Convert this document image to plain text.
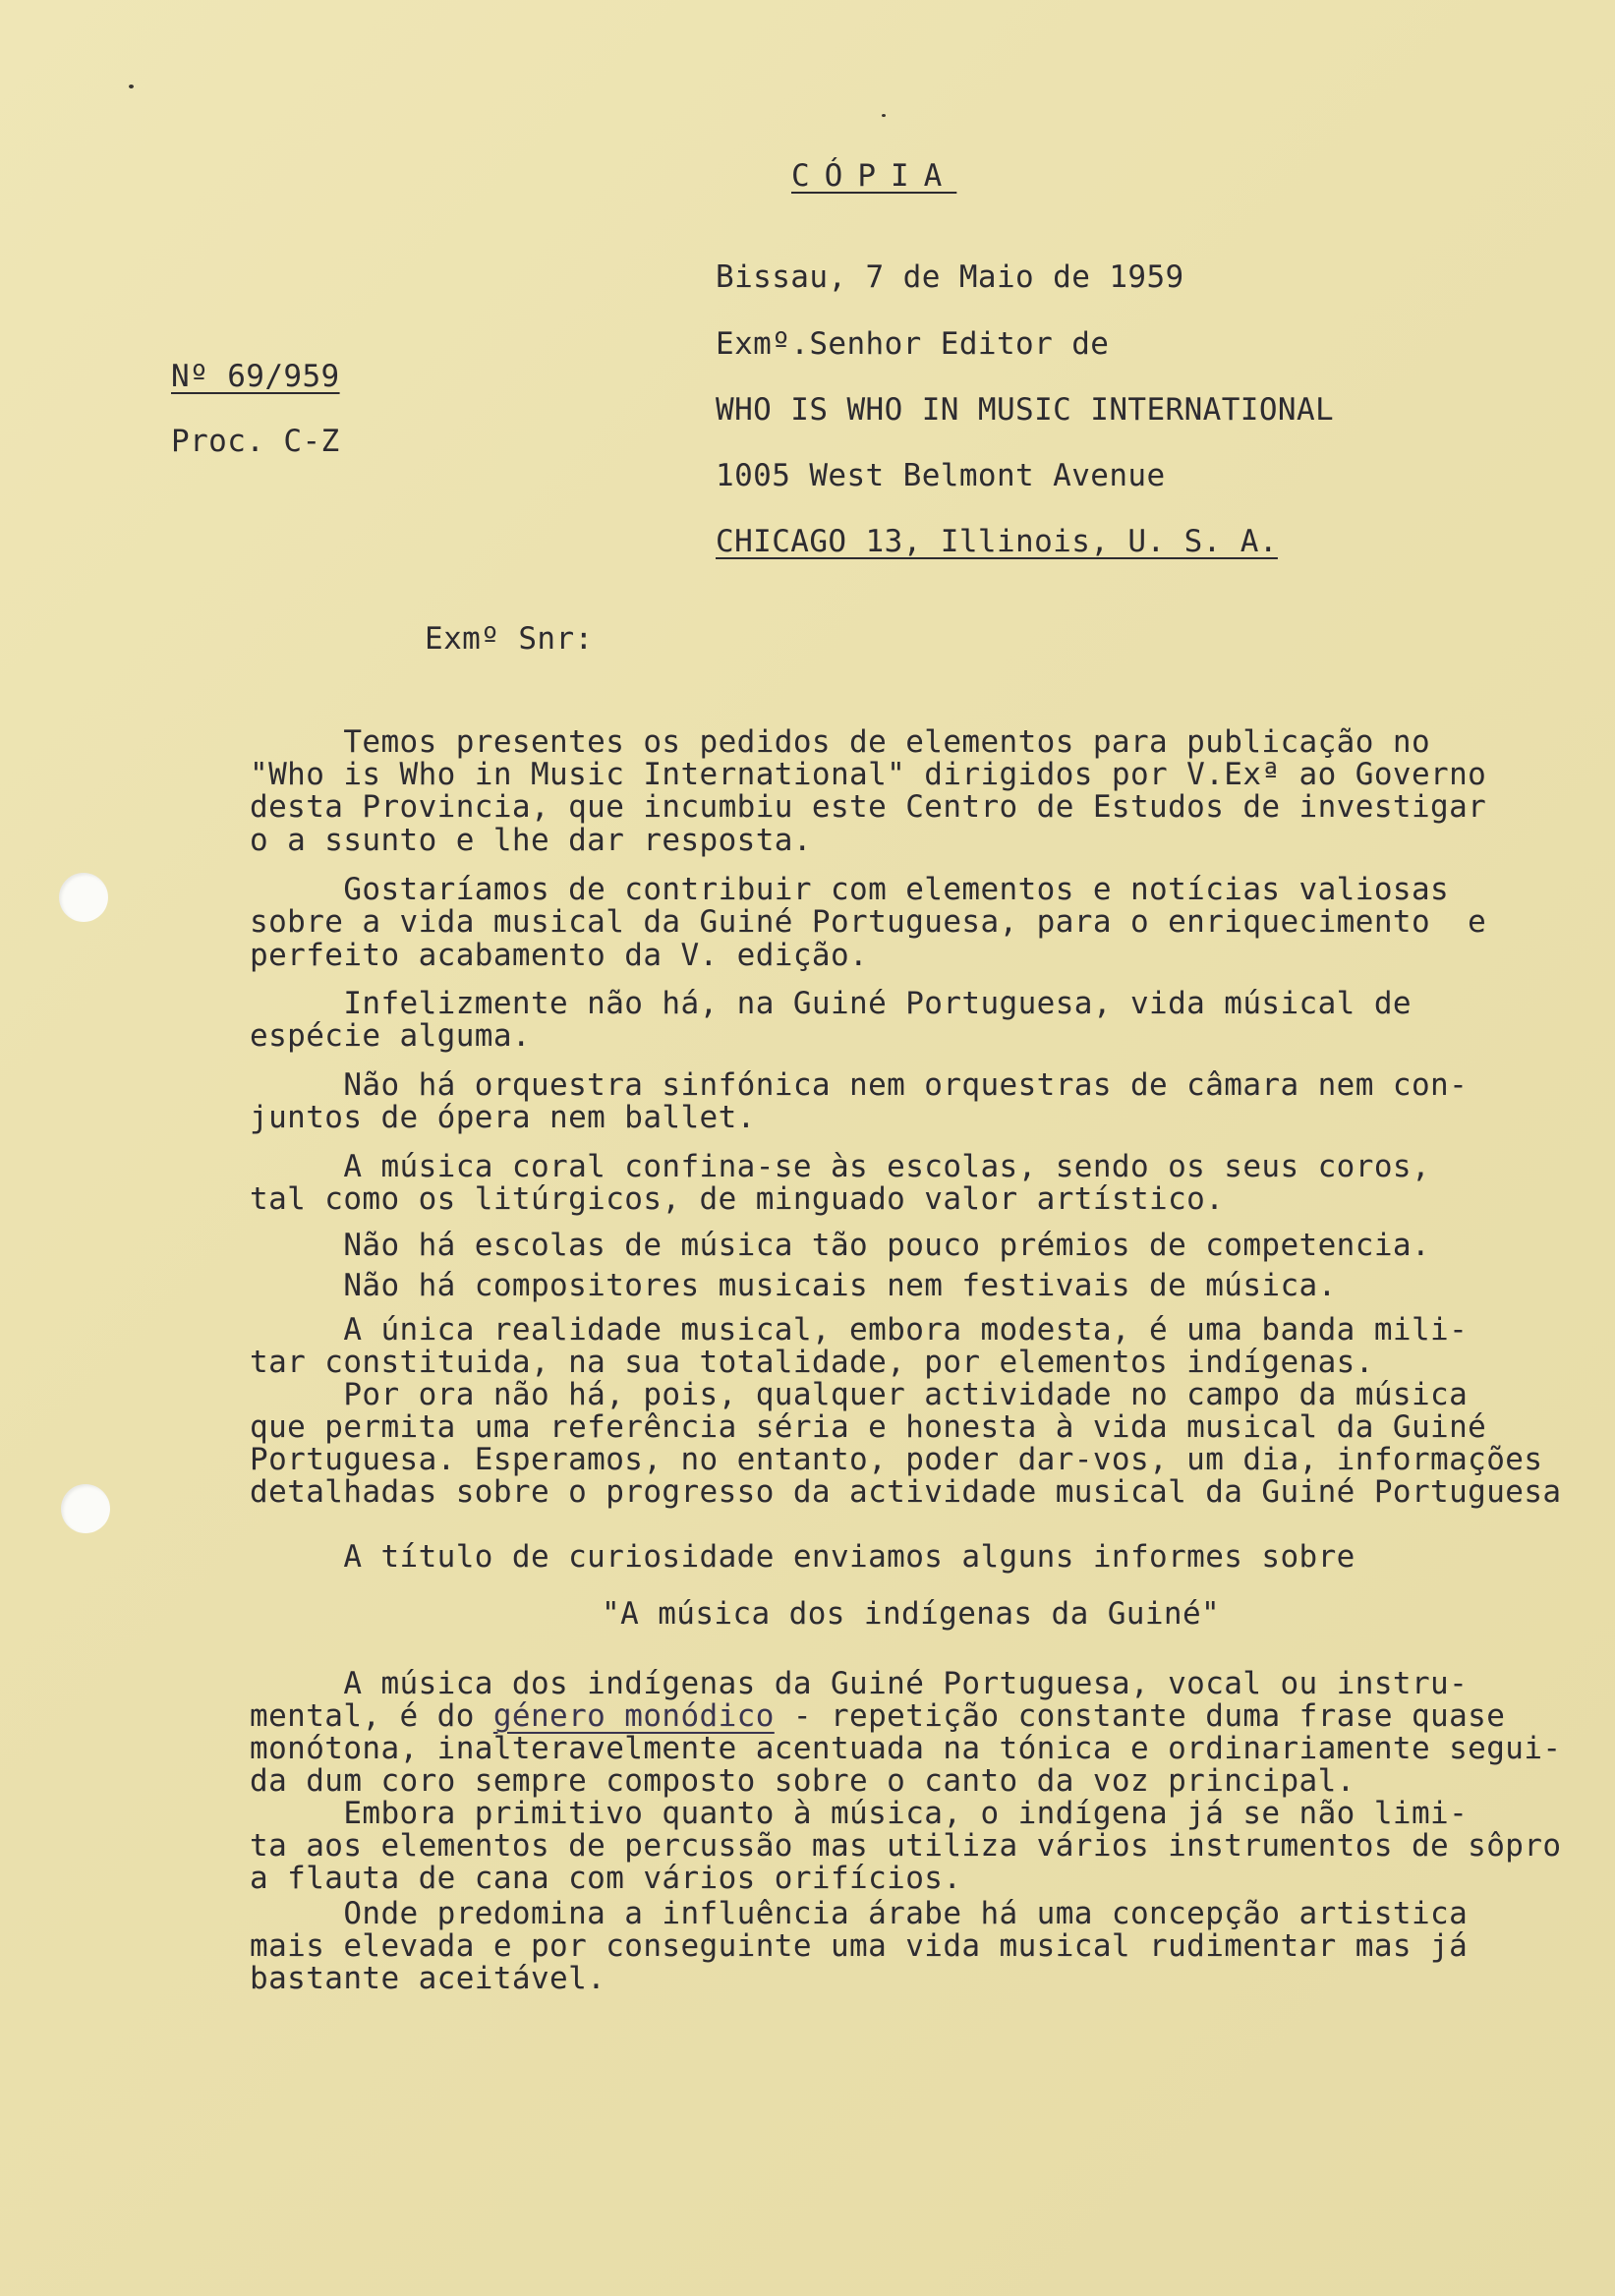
CÓPIA
Nº 69/959
Proc. C-Z
Bissau, 7 de Maio de 1959
Exmº.Senhor Editor de
WHO IS WHO IN MUSIC INTERNATIONAL
1005 West Belmont Avenue
CHICAGO 13, Illinois, U. S. A.
Exmº Snr:
Temos presentes os pedidos de elementos para publicação no
"Who is Who in Music International" dirigidos por V.Exª ao Governo
desta Provincia, que incumbiu este Centro de Estudos de investigar
o a ssunto e lhe dar resposta.
Gostaríamos de contribuir com elementos e notícias valiosas
sobre a vida musical da Guiné Portuguesa, para o enriquecimento  e
perfeito acabamento da V. edição.
Infelizmente não há, na Guiné Portuguesa, vida músical de
espécie alguma.
Não há orquestra sinfónica nem orquestras de câmara nem con-
juntos de ópera nem ballet.
A música coral confina-se às escolas, sendo os seus coros,
tal como os litúrgicos, de minguado valor artístico.
Não há escolas de música tão pouco prémios de competencia.
Não há compositores musicais nem festivais de música.
A única realidade musical, embora modesta, é uma banda mili-
tar constituida, na sua totalidade, por elementos indígenas.
Por ora não há, pois, qualquer actividade no campo da música
que permita uma referência séria e honesta à vida musical da Guiné
Portuguesa. Esperamos, no entanto, poder dar-vos, um dia, informações
detalhadas sobre o progresso da actividade musical da Guiné Portuguesa
A título de curiosidade enviamos alguns informes sobre
"A música dos indígenas da Guiné"
A música dos indígenas da Guiné Portuguesa, vocal ou instru-
mental, é do género monódico - repetição constante duma frase quase
monótona, inalteravelmente acentuada na tónica e ordinariamente segui-
da dum coro sempre composto sobre o canto da voz principal.
Embora primitivo quanto à música, o indígena já se não limi-
ta aos elementos de percussão mas utiliza vários instrumentos de sôpro
a flauta de cana com vários orifícios.
Onde predomina a influência árabe há uma concepção artistica
mais elevada e por conseguinte uma vida musical rudimentar mas já
bastante aceitável.
